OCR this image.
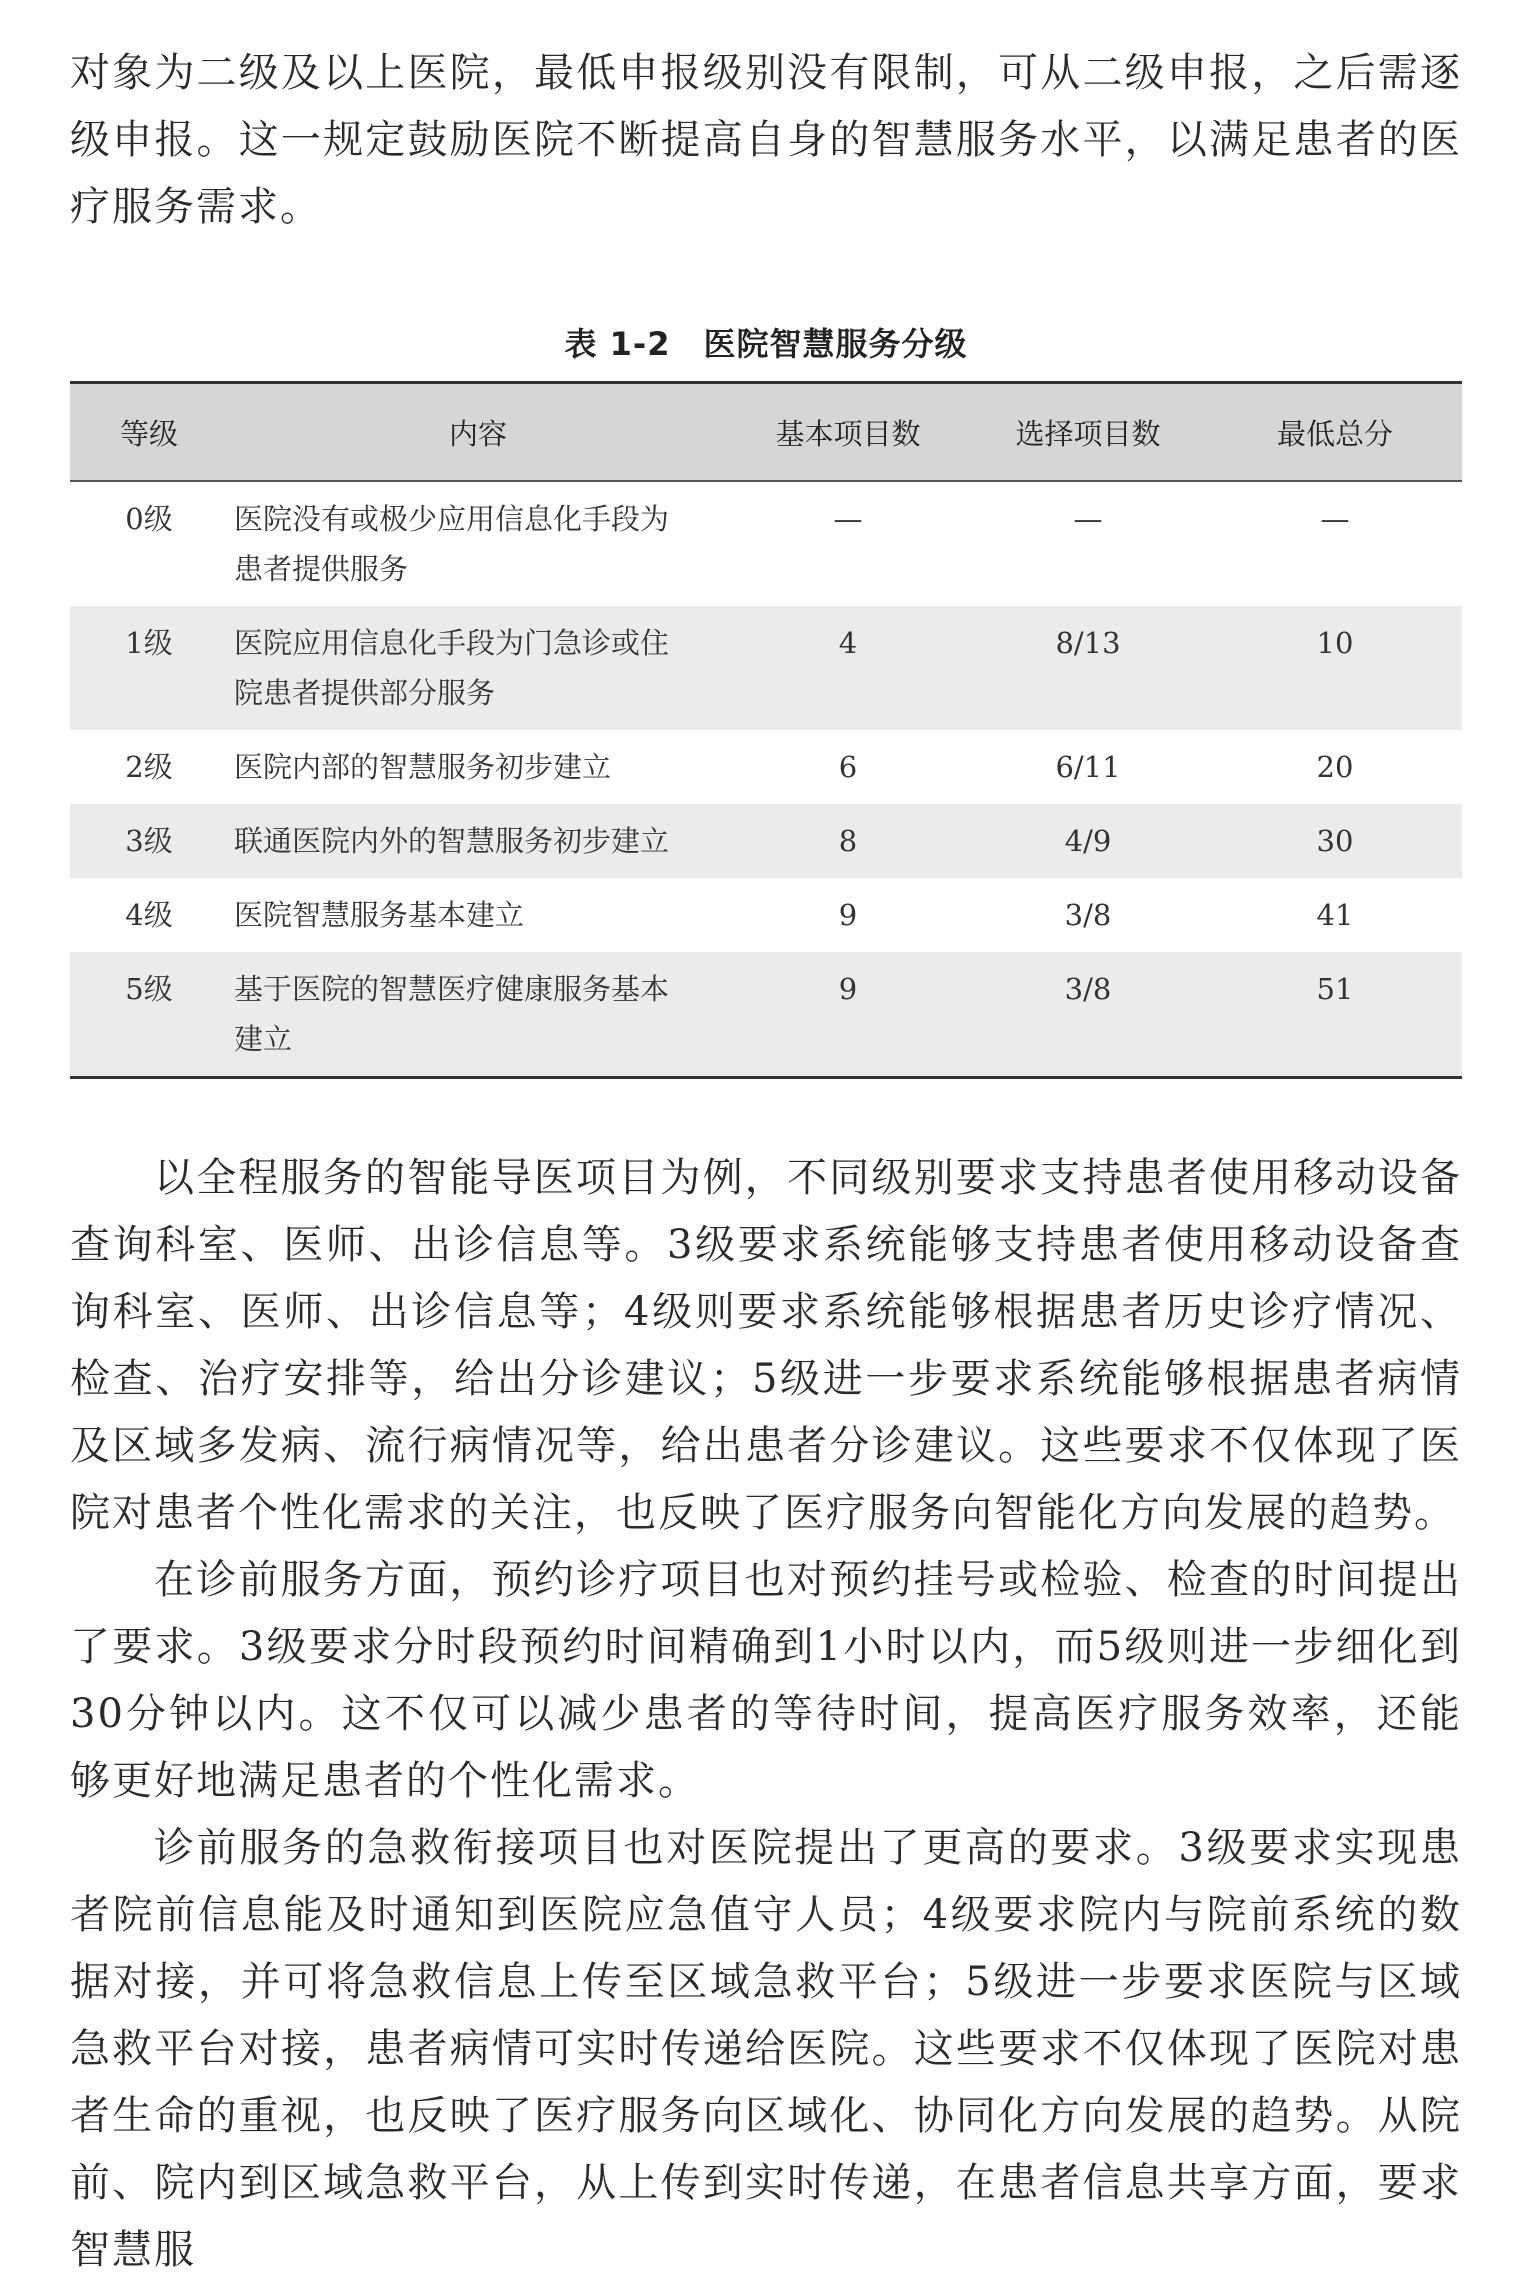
对象为二级及以上医院，最低申报级别没有限制，可从二级申报，之后需逐级申报。这一规定鼓励医院不断提高自身的智慧服务水平，以满足患者的医疗服务需求。

表 1-2　医院智慧服务分级
等级	内容	基本项目数	选择项目数	最低总分
0级	医院没有或极少应用信息化手段为患者提供服务	—	—	—
1级	医院应用信息化手段为门急诊或住院患者提供部分服务	4	8/13	10
2级	医院内部的智慧服务初步建立	6	6/11	20
3级	联通医院内外的智慧服务初步建立	8	4/9	30
4级	医院智慧服务基本建立	9	3/8	41
5级	基于医院的智慧医疗健康服务基本建立	9	3/8	51

以全程服务的智能导医项目为例，不同级别要求支持患者使用移动设备查询科室、医师、出诊信息等。3级要求系统能够支持患者使用移动设备查询科室、医师、出诊信息等；4级则要求系统能够根据患者历史诊疗情况、检查、治疗安排等，给出分诊建议；5级进一步要求系统能够根据患者病情及区域多发病、流行病情况等，给出患者分诊建议。这些要求不仅体现了医院对患者个性化需求的关注，也反映了医疗服务向智能化方向发展的趋势。

在诊前服务方面，预约诊疗项目也对预约挂号或检验、检查的时间提出了要求。3级要求分时段预约时间精确到1小时以内，而5级则进一步细化到30分钟以内。这不仅可以减少患者的等待时间，提高医疗服务效率，还能够更好地满足患者的个性化需求。

诊前服务的急救衔接项目也对医院提出了更高的要求。3级要求实现患者院前信息能及时通知到医院应急值守人员；4级要求院内与院前系统的数据对接，并可将急救信息上传至区域急救平台；5级进一步要求医院与区域急救平台对接，患者病情可实时传递给医院。这些要求不仅体现了医院对患者生命的重视，也反映了医疗服务向区域化、协同化方向发展的趋势。从院前、院内到区域急救平台，从上传到实时传递，在患者信息共享方面，要求智慧服
